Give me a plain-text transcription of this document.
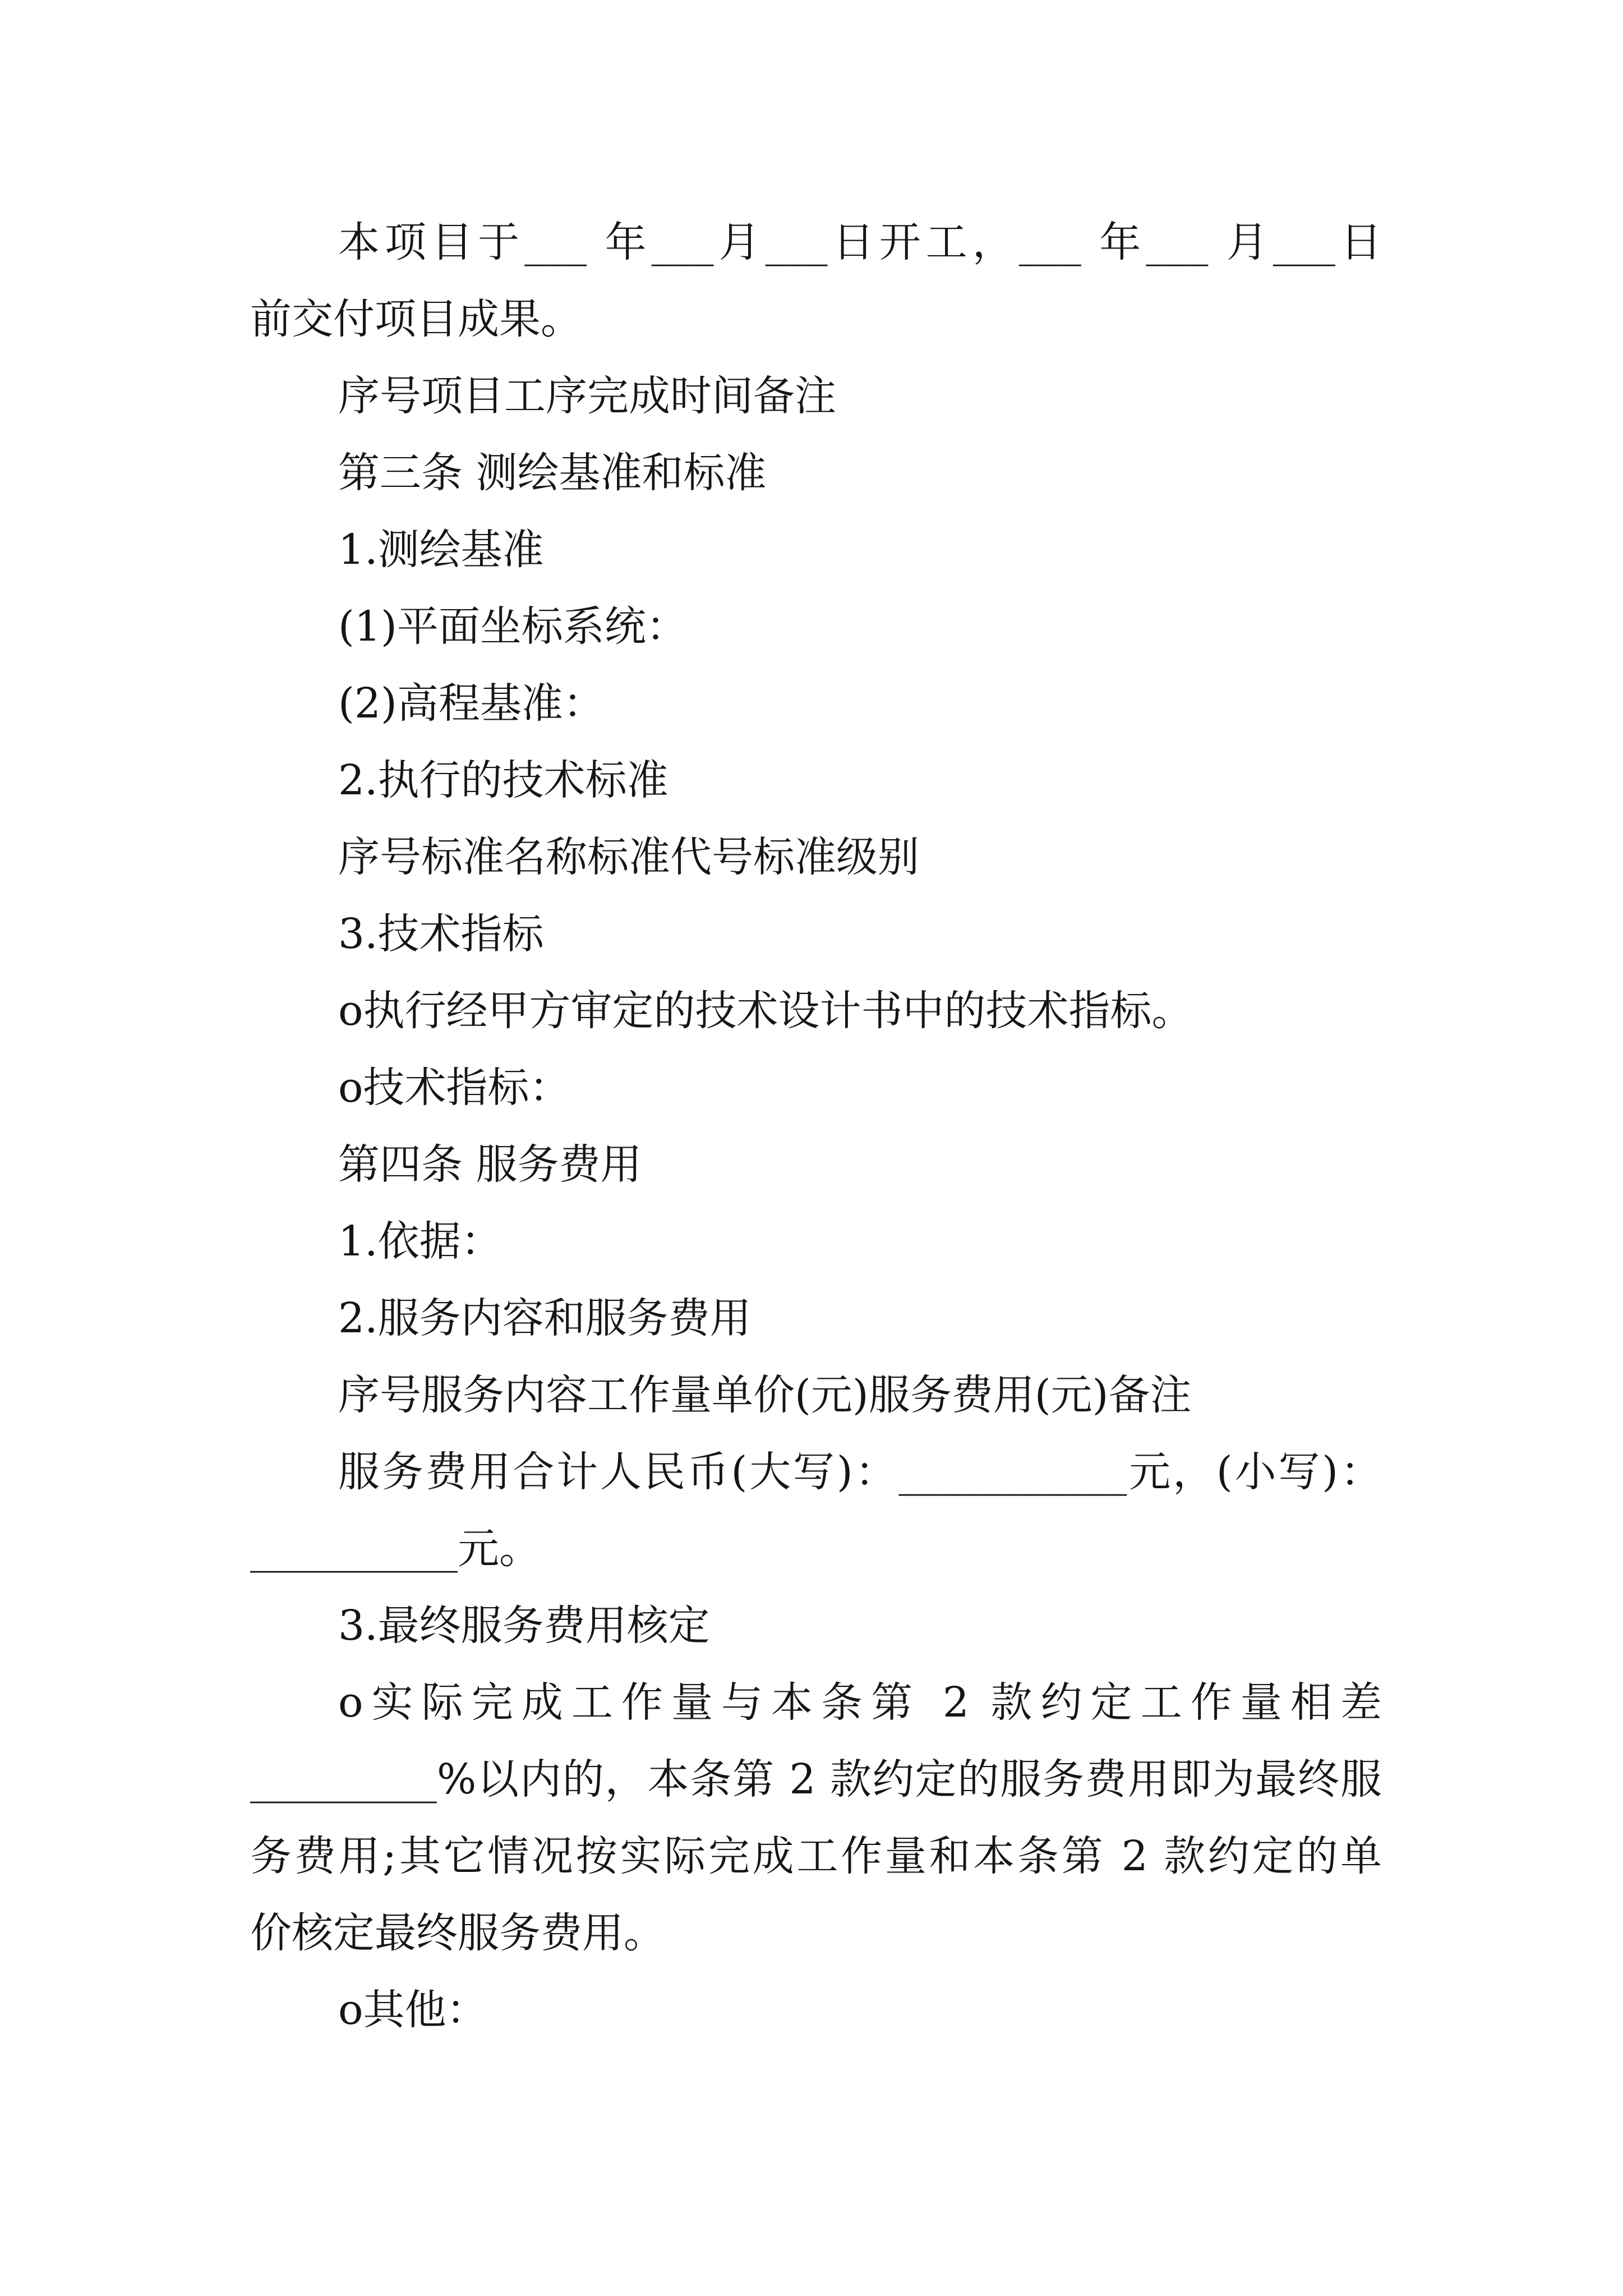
本项目于___ 年___月___日开工，___ 年___ 月___日
前交付项目成果。
序号项目工序完成时间备注
第三条 测绘基准和标准
1.测绘基准
(1)平面坐标系统：
(2)高程基准：
2.执行的技术标准
序号标准名称标准代号标准级别
3.技术指标
o执行经甲方审定的技术设计书中的技术指标。
o技术指标：
第四条 服务费用
1.依据：
2.服务内容和服务费用
序号服务内容工作量单价(元)服务费用(元)备注
服务费用合计人民币(大写)：___________元，(小写)：
__________元。
3.最终服务费用核定
o实际完成工作量与本条第 2 款约定工作量相差
_________%以内的，本条第 2 款约定的服务费用即为最终服
务费用;其它情况按实际完成工作量和本条第 2 款约定的单
价核定最终服务费用。
o其他：
